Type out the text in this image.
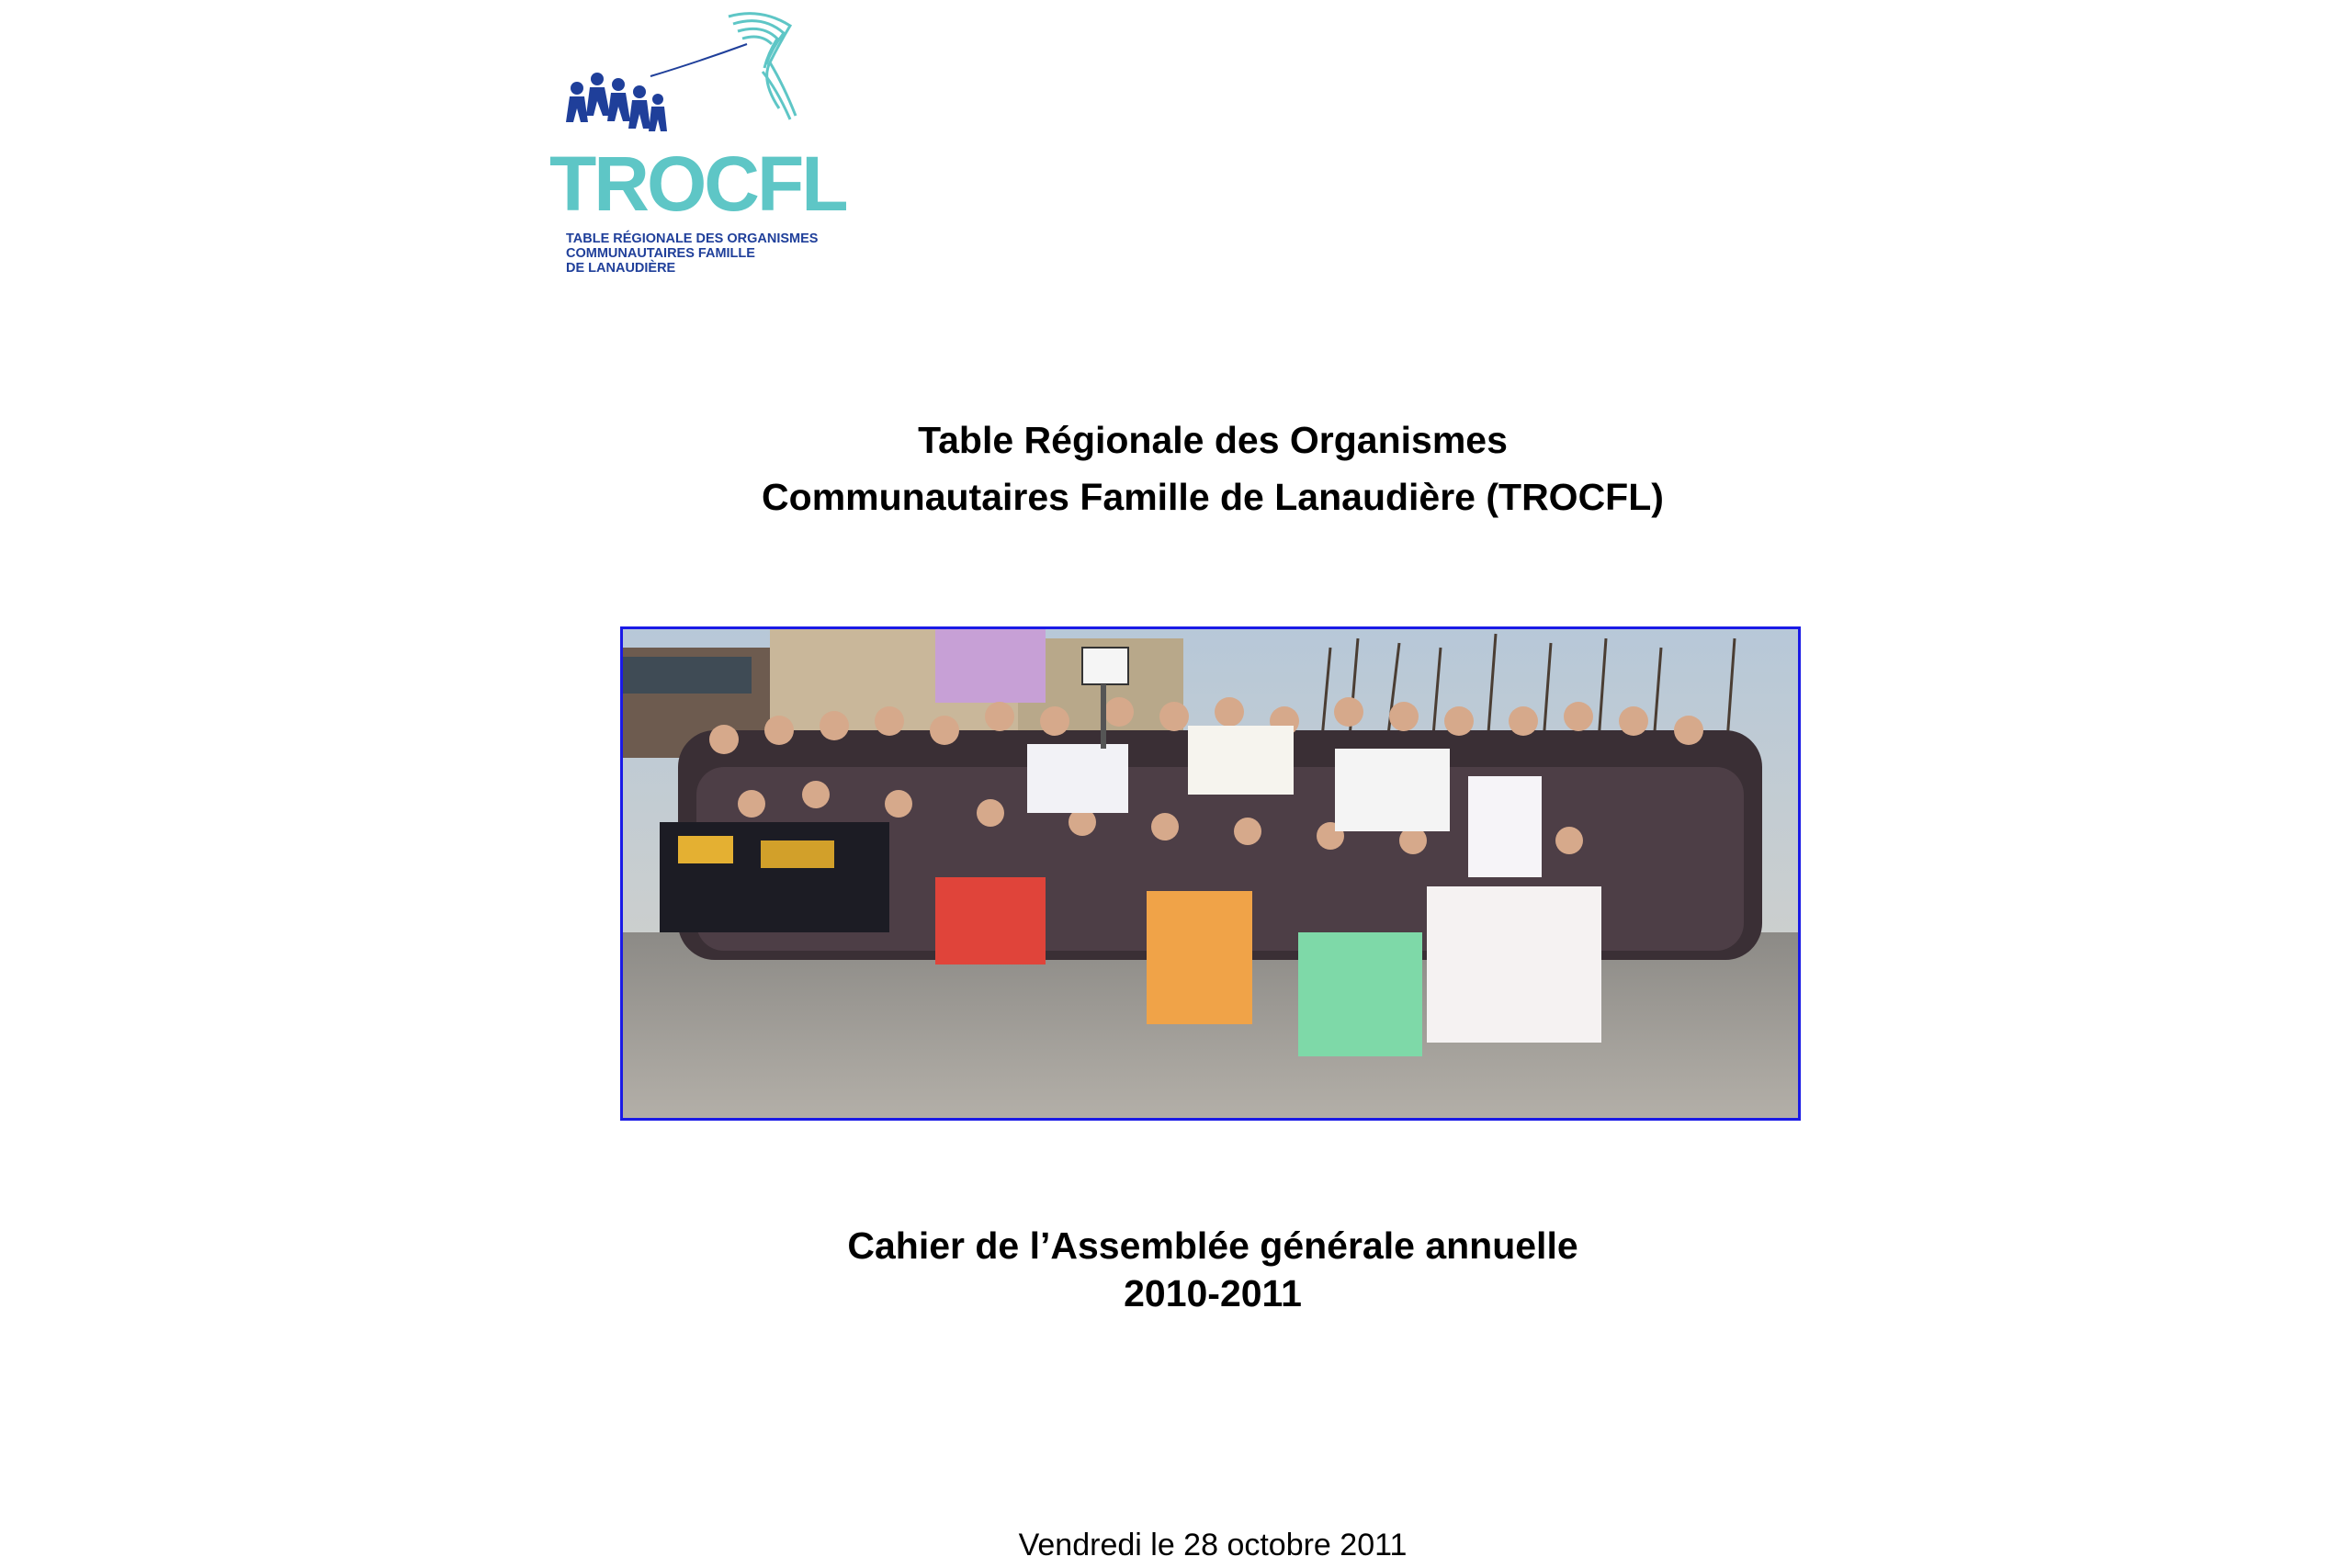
TROCFL
TABLE RÉGIONALE DES ORGANISMES
COMMUNAUTAIRES FAMILLE
DE LANAUDIÈRE
Table Régionale des Organismes
Communautaires Famille de Lanaudière (TROCFL)
Cahier de l’Assemblée générale annuelle
2010-2011
Vendredi le 28 octobre 2011
